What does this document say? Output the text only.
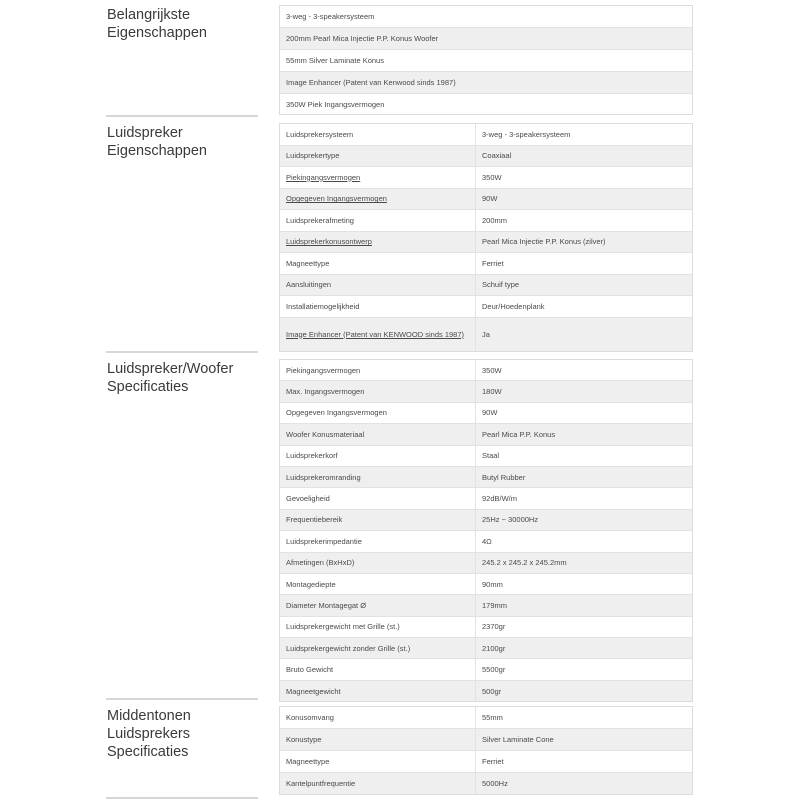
Belangrijkste
Eigenschappen
3-weg - 3-speakersysteem
200mm Pearl Mica Injectie P.P. Konus Woofer
55mm Silver Laminate Konus
Image Enhancer (Patent van Kenwood sinds 1987)
350W Piek Ingangsvermogen
Luidspreker
Eigenschappen
Luidsprekersysteem	3-weg - 3-speakersysteem
Luidsprekertype	Coaxiaal
Piekingangsvermogen	350W
Opgegeven Ingangsvermogen	90W
Luidsprekerafmeting	200mm
Luidsprekerkonusontwerp	Pearl Mica Injectie P.P. Konus (zilver)
Magneettype	Ferriet
Aansluitingen	Schuif type
Installatiemogelijkheid	Deur/Hoedenplank
Image Enhancer (Patent van KENWOOD sinds 1987)	Ja
Luidspreker/Woofer
Specificaties
Piekingangsvermogen	350W
Max. Ingangsvermogen	180W
Opgegeven Ingangsvermogen	90W
Woofer Konusmateriaal	Pearl Mica P.P. Konus
Luidsprekerkorf	Staal
Luidsprekeromranding	Butyl Rubber
Gevoeligheid	92dB/W/m
Frequentiebereik	25Hz ~ 30000Hz
Luidsprekerimpedantie	4Ω
Afmetingen (BxHxD)	245.2 x 245.2 x 245.2mm
Montagediepte	90mm
Diameter Montagegat Ø	179mm
Luidsprekergewicht met Grille (st.)	2370gr
Luidsprekergewicht zonder Grille (st.)	2100gr
Bruto Gewicht	5500gr
Magneetgewicht	500gr
Middentonen
Luidsprekers
Specificaties
Konusomvang	55mm
Konustype	Silver Laminate Cone
Magneettype	Ferriet
Kantelpuntfrequentie	5000Hz
